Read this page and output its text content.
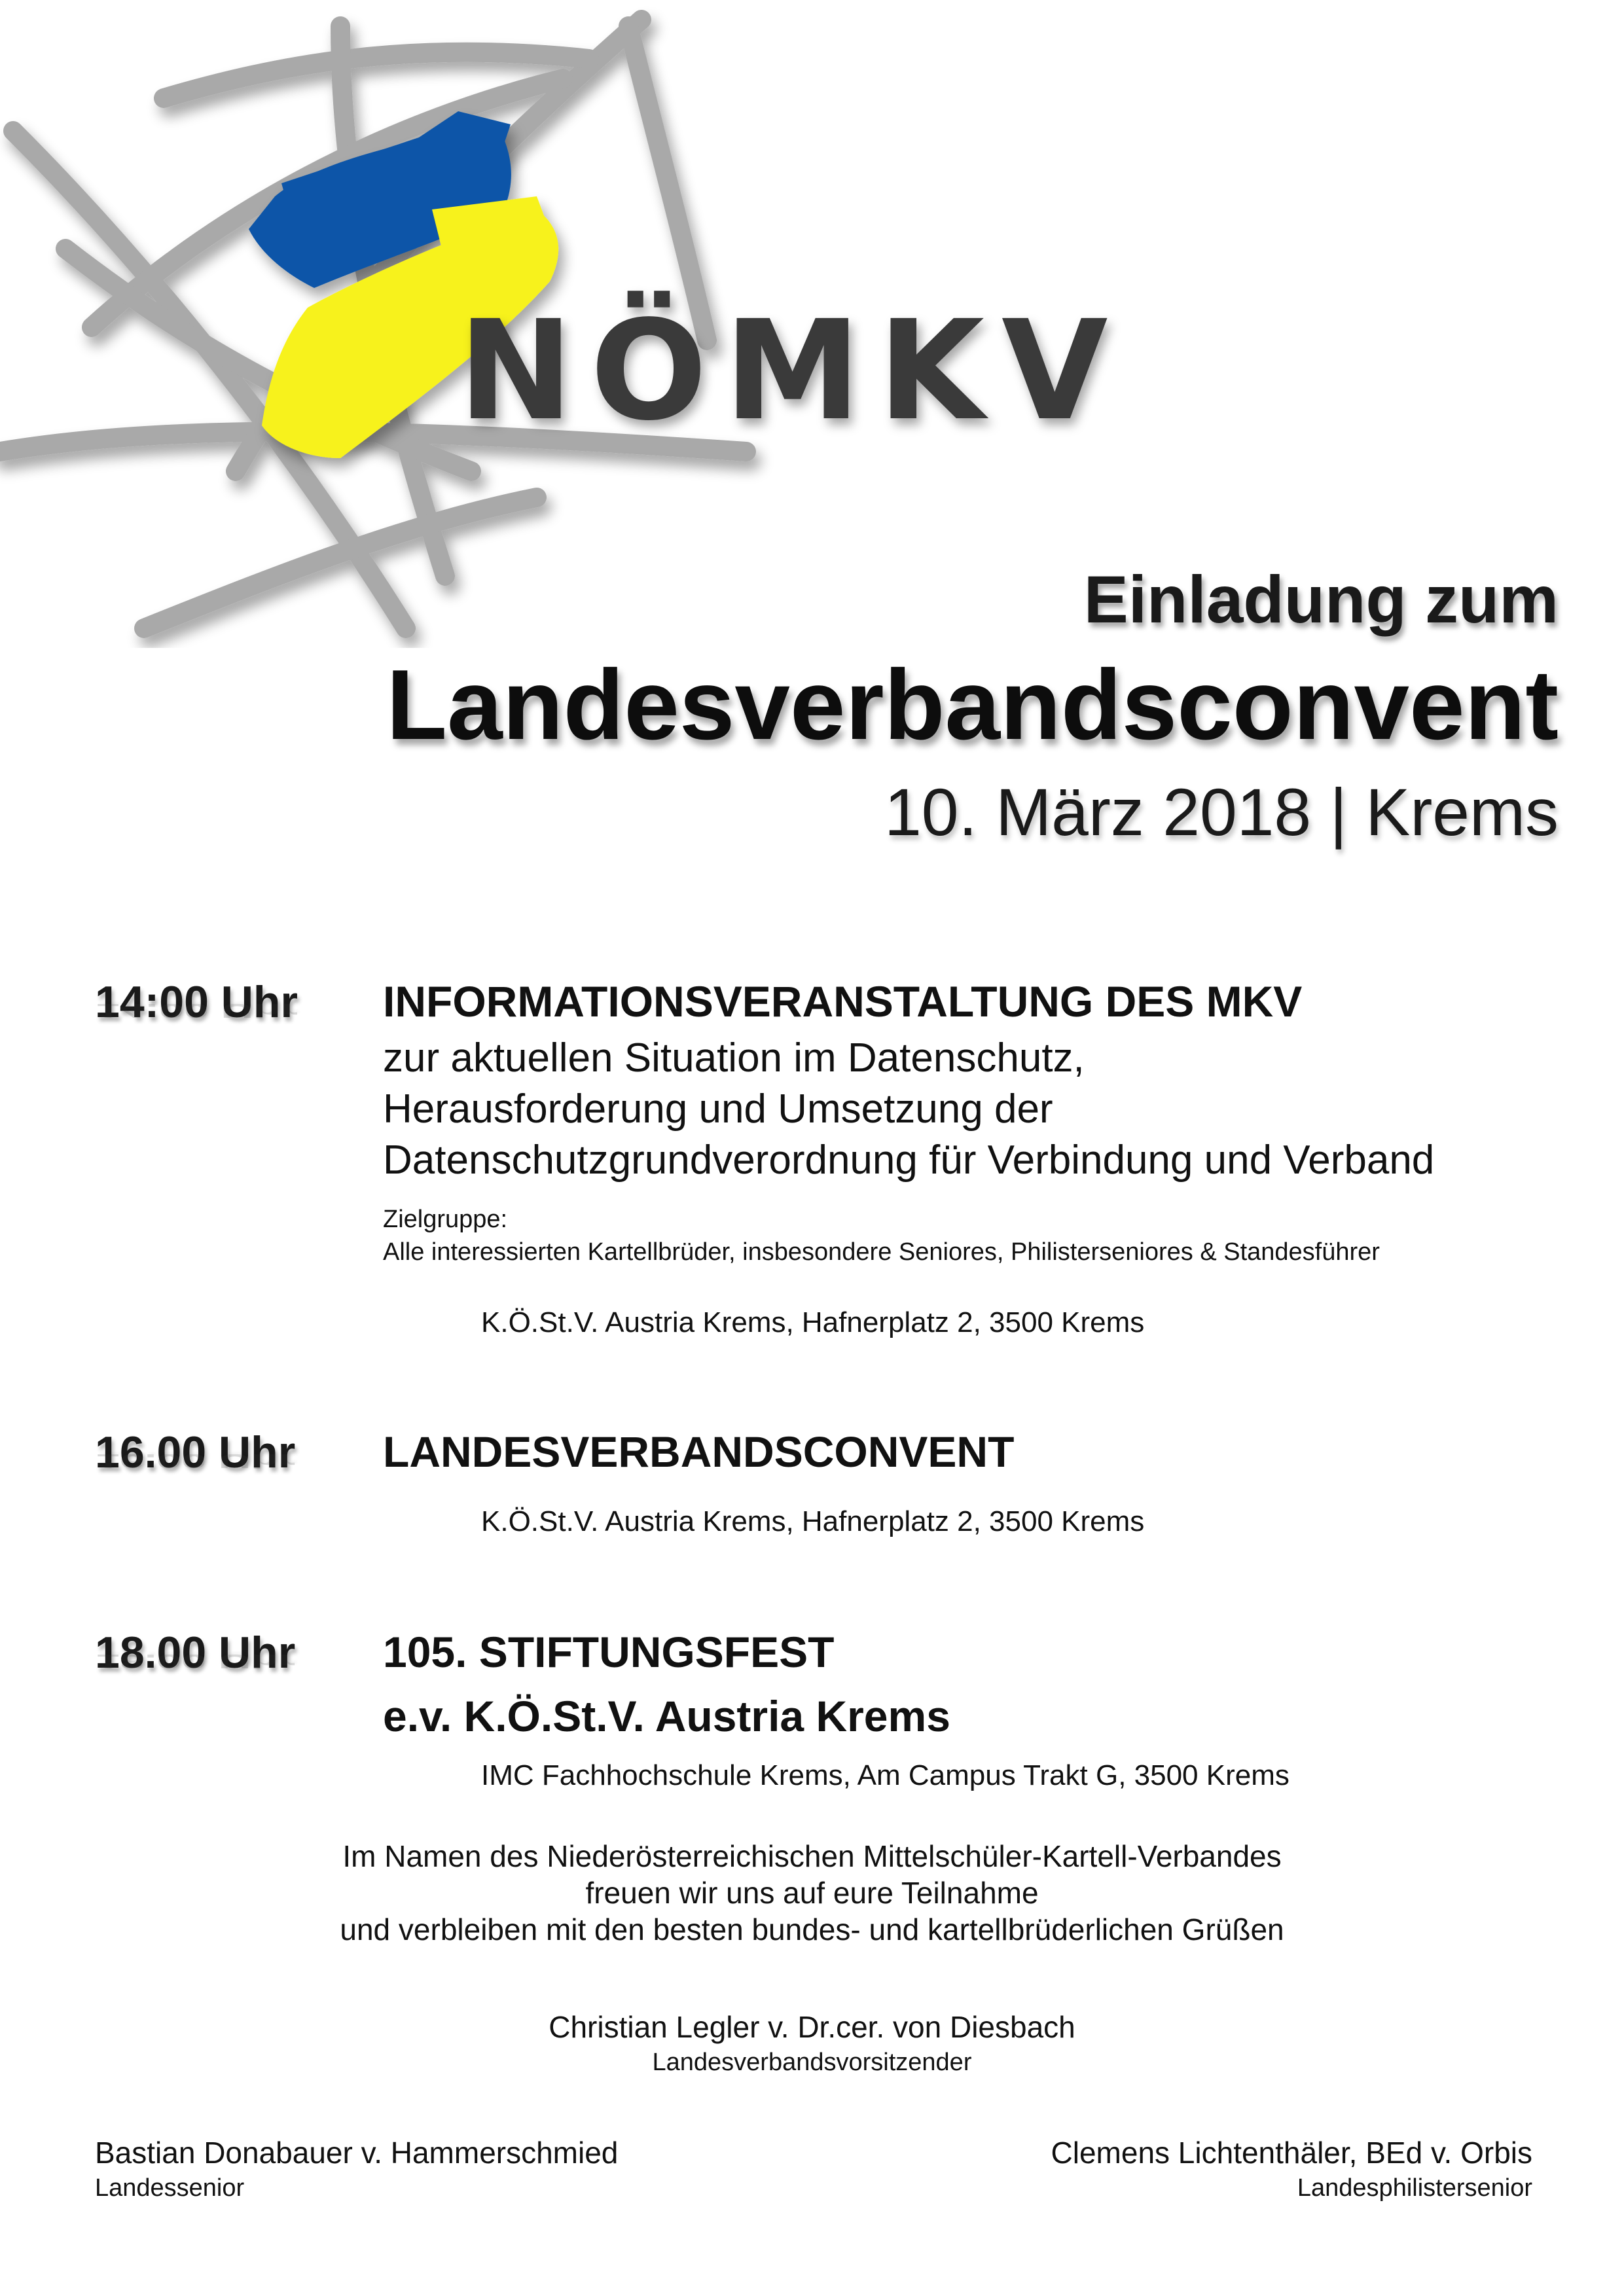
NÖMKV
Einladung zum
Landesverbandsconvent
10. März 2018 | Krems
14:00 Uhr 14:00 Uhr INFORMATIONSVERANSTALTUNG DES MKV
zur aktuellen Situation im Datenschutz,
Herausforderung und Umsetzung der
Datenschutzgrundverordnung für Verbindung und Verband
Zielgruppe:
Alle interessierten Kartellbrüder, insbesondere Seniores, Philisterseniores & Standesführer
K.Ö.St.V. Austria Krems, Hafnerplatz 2, 3500 Krems
16.00 Uhr 16.00 Uhr LANDESVERBANDSCONVENT
K.Ö.St.V. Austria Krems, Hafnerplatz 2, 3500 Krems
18.00 Uhr 18.00 Uhr 105. STIFTUNGSFEST
e.v. K.Ö.St.V. Austria Krems
IMC Fachhochschule Krems, Am Campus Trakt G, 3500 Krems
Im Namen des Niederösterreichischen Mittelschüler-Kartell-Verbandes
freuen wir uns auf eure Teilnahme
und verbleiben mit den besten bundes- und kartellbrüderlichen Grüßen
Christian Legler v. Dr.cer. von Diesbach
Landesverbandsvorsitzender
Bastian Donabauer v. Hammerschmied
Landessenior
Clemens Lichtenthäler, BEd v. Orbis
Landesphilistersenior
